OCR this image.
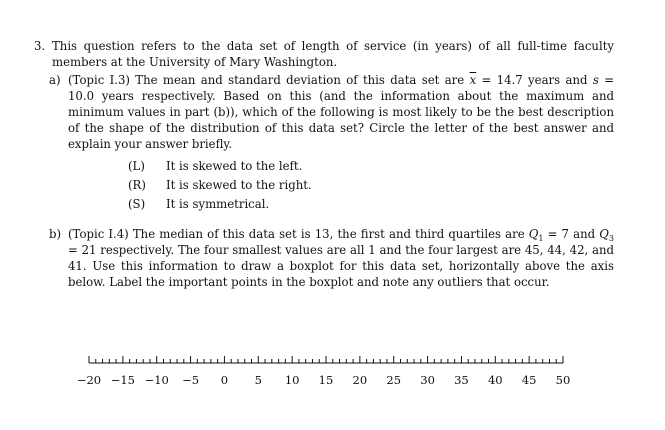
3. This question refers to the data set of length of service (in years) of all full-time faculty members at the University of Mary Washington.
a) (Topic I.3) The mean and standard deviation of this data set are $\overline{x} = 14.7$ years and s = 10.0 years respectively. Based on this (and the information about the maximum and minimum values in part (b)), which of the following is most likely to be the best description of the shape of the distribution of this data set? Circle the letter of the best answer and explain your answer briefly.
(L)	It is skewed to the left.
(R)	It is skewed to the right.
(S)	It is symmetrical.
b) (Topic I.4) The median of this data set is 13, the first and third quartiles are $Q_1 = 7$ and $Q_3 = 21$ respectively. The four smallest values are all 1 and the four largest are 45, 44, 42, and 41. Use this information to draw a boxplot for this data set, horizontally above the axis below. Label the important points in the boxplot and note any outliers that occur.
−20 −15 −10 −5 0 5 10 15 20 25 30 35 40 45 50
